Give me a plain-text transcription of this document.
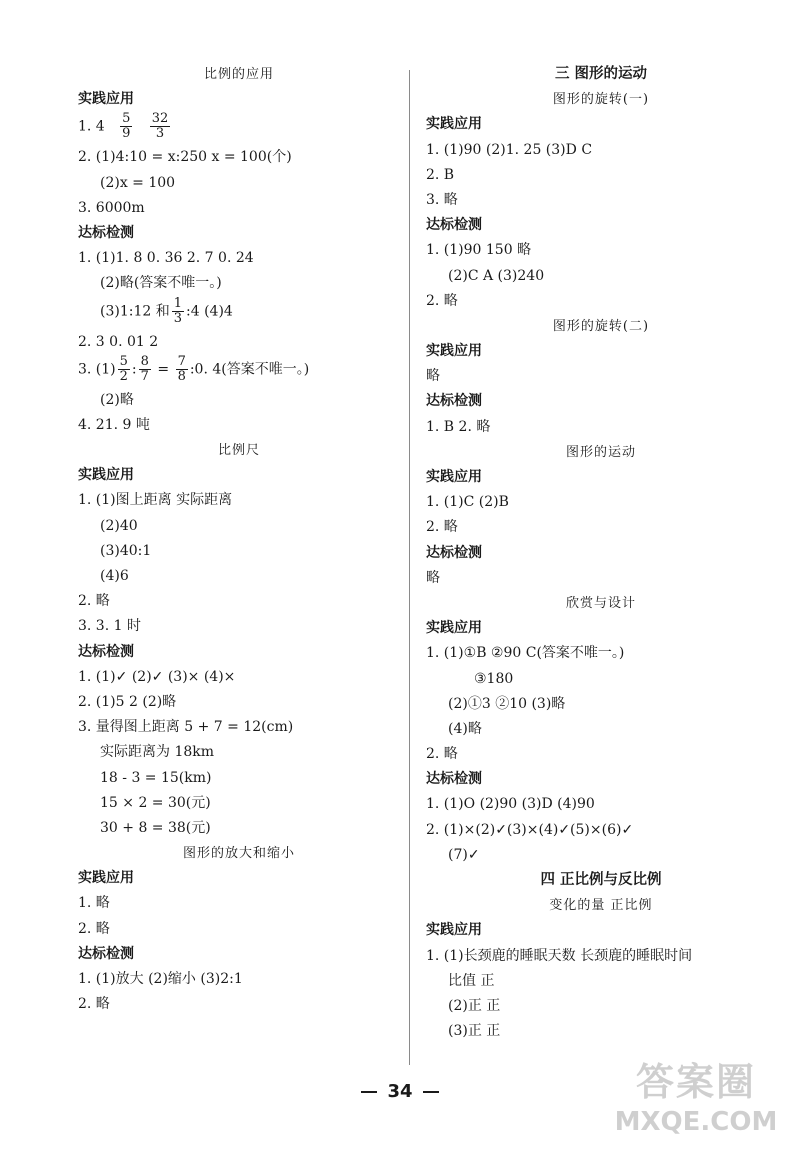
比例的应用
实践应用
1. $4 \frac{5}{9}$
$\frac{32}{3}$
2. (1)4:10 = x:250 x = 100(个)
(2)x = 100
3. 6000m
达标检测
1. (1)1. 8 0. 36 2. 7 0. 24
(2)略(答案不唯一。)
(3)1:12 和 $\frac{1}{3}$ :4 (4)4
2. 3 0. 01 2
3. $(1) \frac{5}{2}$ : $\frac{8}{7} = \frac{7}{8}$ :0. 4(答案不唯一。)
(2)略
4. 21. 9 吨
比例尺
实践应用
1. (1)图上距离 实际距离
(2)40
(3)40:1
(4)6
2. 略
3. 3. 1 时
达标检测
1. (1)✓ (2)✓ (3)× (4)×
2. (1)5 2 (2)略
3. 量得图上距离 5 + 7 = 12(cm)
实际距离为 18km
18 - 3 = 15(km)
15 × 2 = 30(元)
30 + 8 = 38(元)
图形的放大和缩小
实践应用
1. 略
2. 略
达标检测
1. (1)放大 (2)缩小 (3)2:1
2. 略
三 图形的运动
图形的旋转(一)
实践应用
1. (1)90 (2)1. 25 (3)D C
2. B
3. 略
达标检测
1. (1)90 150 略
(2)C A (3)240
2. 略
图形的旋转(二)
实践应用
略
达标检测
1. B 2. 略
图形的运动
实践应用
1. (1)C (2)B
2. 略
达标检测
略
欣赏与设计
实践应用
1. (1)①B ②90 C(答案不唯一。)
③180
(2)①3 ②10 (3)略
(4)略
2. 略
达标检测
1. (1)O (2)90 (3)D (4)90
2. (1)×(2)✓(3)×(4)✓(5)×(6)✓
(7)✓
四 正比例与反比例
变化的量 正比例
实践应用
1. (1)长颈鹿的睡眠天数 长颈鹿的睡眠时间
比值 正
(2)正 正
(3)正 正
34	答案圈
MXQE.COM
